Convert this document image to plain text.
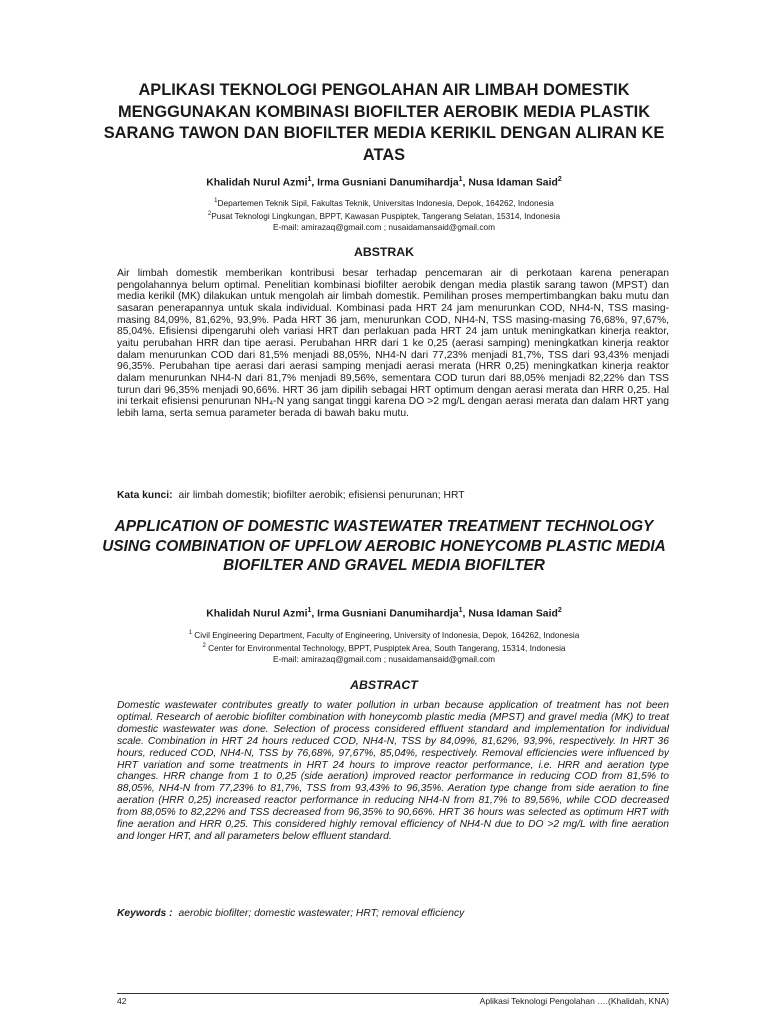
APLIKASI TEKNOLOGI PENGOLAHAN AIR LIMBAH DOMESTIK MENGGUNAKAN KOMBINASI BIOFILTER AEROBIK MEDIA PLASTIK SARANG TAWON DAN BIOFILTER MEDIA KERIKIL DENGAN ALIRAN KE ATAS

Khalidah Nurul Azmi$^1$, Irma Gusniani Danumihardja$^1$, Nusa Idaman Said$^2$

$^1$Departemen Teknik Sipil, Fakultas Teknik, Universitas Indonesia, Depok, 164262, Indonesia
$^2$Pusat Teknologi Lingkungan, BPPT, Kawasan Puspiptek, Tangerang Selatan, 15314, Indonesia
E-mail: amirazaq@gmail.com ; nusaidamansaid@gmail.com
ABSTRAK

Air limbah domestik memberikan kontribusi besar terhadap pencemaran air di perkotaan karena penerapan pengolahannya belum optimal. Penelitian kombinasi biofilter aerobik dengan media plastik sarang tawon (MPST) dan media kerikil (MK) dilakukan untuk mengolah air limbah domestik. Pemilihan proses mempertimbangkan baku mutu dan sasaran penerapannya untuk skala individual. Kombinasi pada HRT 24 jam menurunkan COD, NH4-N, TSS masing-masing 84,09%, 81,62%, 93,9%. Pada HRT 36 jam, menurunkan COD, NH4-N, TSS masing-masing 76,68%, 97,67%, 85,04%. Efisiensi dipengaruhi oleh variasi HRT dan perlakuan pada HRT 24 jam untuk meningkatkan kinerja reaktor, yaitu perubahan HRR dan tipe aerasi. Perubahan HRR dari 1 ke 0,25 (aerasi samping) meningkatkan kinerja reaktor dalam menurunkan COD dari 81,5% menjadi 88,05%, NH4-N dari 77,23% menjadi 81,7%, TSS dari 93,43% menjadi 96,35%. Perubahan tipe aerasi dari aerasi samping menjadi aerasi merata (HRR 0,25) meningkatkan kinerja reaktor dalam menurunkan NH4-N dari 81,7% menjadi 89,56%, sementara COD turun dari 88,05% menjadi 82,22% dan TSS turun dari 96,35% menjadi 90,66%. HRT 36 jam dipilih sebagai HRT optimum dengan aerasi merata dan HRR 0,25. Hal ini terkait efisiensi penurunan NH₄-N yang sangat tinggi karena DO >2 mg/L dengan aerasi merata dan dalam HRT yang lebih lama, serta semua parameter berada di bawah baku mutu.

Kata kunci: air limbah domestik; biofilter aerobik; efisiensi penurunan; HRT

APPLICATION OF DOMESTIC WASTEWATER TREATMENT TECHNOLOGY USING COMBINATION OF UPFLOW AEROBIC HONEYCOMB PLASTIC MEDIA BIOFILTER AND GRAVEL MEDIA BIOFILTER

Khalidah Nurul Azmi$^1$, Irma Gusniani Danumihardja$^1$, Nusa Idaman Said$^2$

$^1$ Civil Engineering Department, Faculty of Engineering, University of Indonesia, Depok, 164262, Indonesia
$^2$ Center for Environmental Technology, BPPT, Puspiptek Area, South Tangerang, 15314, Indonesia
E-mail: amirazaq@gmail.com ; nusaidamansaid@gmail.com
ABSTRACT

Domestic wastewater contributes greatly to water pollution in urban because application of treatment has not been optimal. Research of aerobic biofilter combination with honeycomb plastic media (MPST) and gravel media (MK) to treat domestic wastewater was done. Selection of process considered effluent standard and implementation for individual scale. Combination in HRT 24 hours reduced COD, NH4-N, TSS by 84,09%, 81,62%, 93,9%, respectively. In HRT 36 hours, reduced COD, NH4-N, TSS by 76,68%, 97,67%, 85,04%, respectively. Removal efficiencies were influenced by HRT variation and some treatments in HRT 24 hours to improve reactor performance, i.e. HRR and aeration type changes. HRR change from 1 to 0,25 (side aeration) improved reactor performance in reducing COD from 81,5% to 88,05%, NH4-N from 77,23% to 81,7%, TSS from 93,43% to 96,35%. Aeration type change from side aeration to fine aeration (HRR 0,25) increased reactor performance in reducing NH4-N from 81,7% to 89,56%, while COD decreased from 88,05% to 82,22% and TSS decreased from 96,35% to 90,66%. HRT 36 hours was selected as optimum HRT with fine aeration and HRR 0,25. This considered highly removal efficiency of NH4-N due to DO >2 mg/L with fine aeration and longer HRT, and all parameters below effluent standard.

Keywords : aerobic biofilter; domestic wastewater; HRT; removal efficiency

42	Aplikasi Teknologi Pengolahan ….(Khalidah, KNA)
